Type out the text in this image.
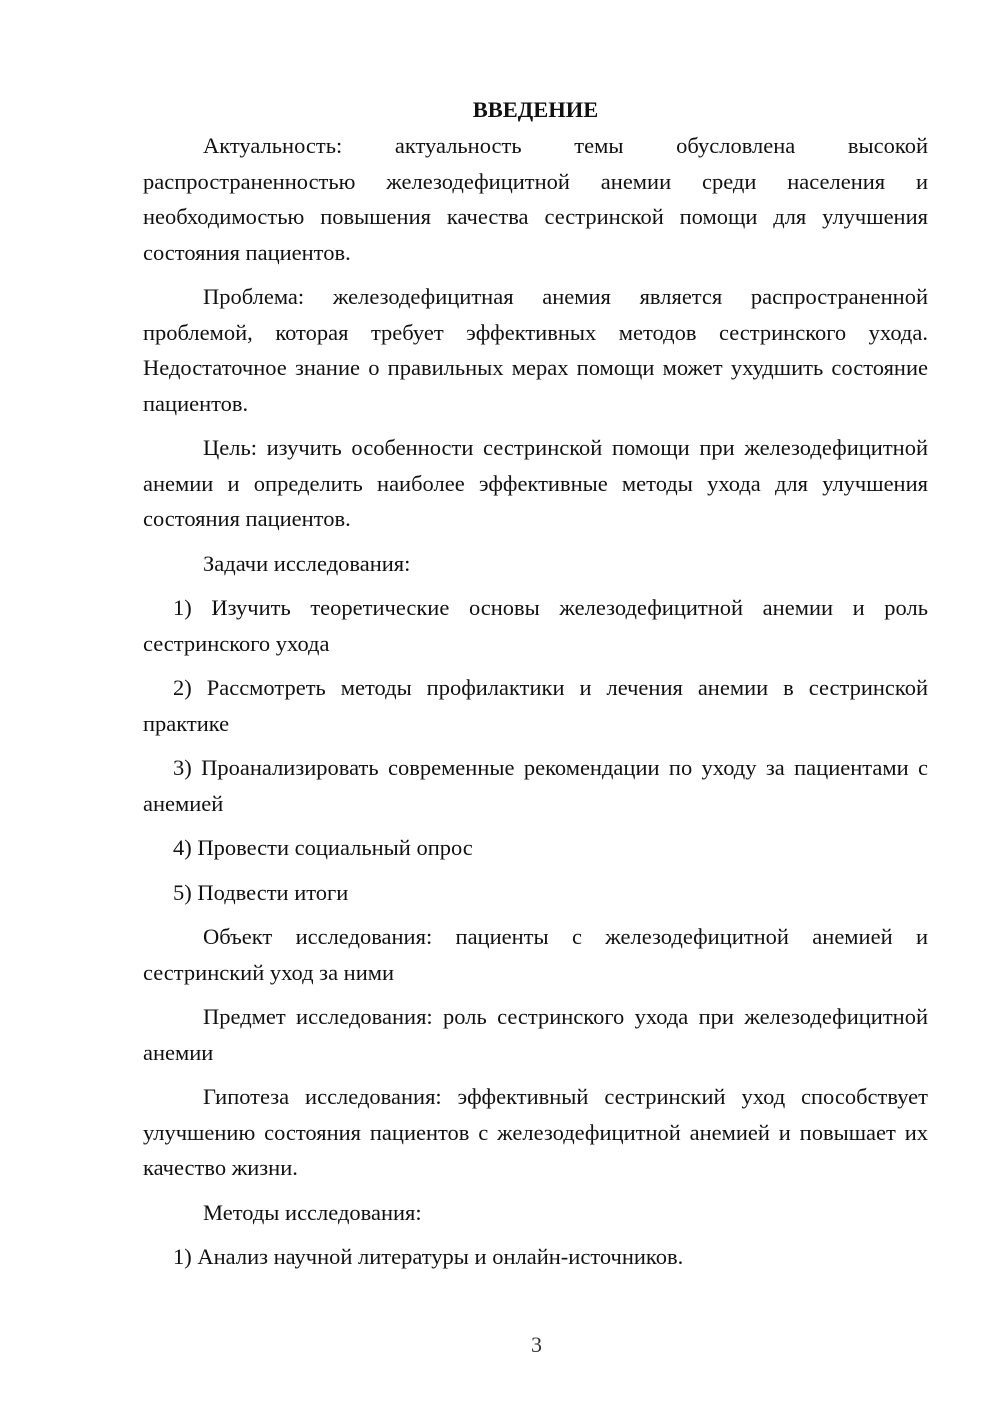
ВВЕДЕНИЕ

Актуальность: актуальность темы обусловлена высокой распространенностью железодефицитной анемии среди населения и необходимостью повышения качества сестринской помощи для улучшения состояния пациентов.

Проблема: железодефицитная анемия является распространенной проблемой, которая требует эффективных методов сестринского ухода. Недостаточное знание о правильных мерах помощи может ухудшить состояние пациентов.

Цель: изучить особенности сестринской помощи при железодефицитной анемии и определить наиболее эффективные методы ухода для улучшения состояния пациентов.

Задачи исследования:

1) Изучить теоретические основы железодефицитной анемии и роль сестринского ухода

2) Рассмотреть методы профилактики и лечения анемии в сестринской практике

3) Проанализировать современные рекомендации по уходу за пациентами с анемией

4) Провести социальный опрос

5) Подвести итоги

Объект исследования: пациенты с железодефицитной анемией и сестринский уход за ними

Предмет исследования: роль сестринского ухода при железодефицитной анемии

Гипотеза исследования: эффективный сестринский уход способствует улучшению состояния пациентов с железодефицитной анемией и повышает их качество жизни.

Методы исследования:

1) Анализ научной литературы и онлайн-источников.

3
